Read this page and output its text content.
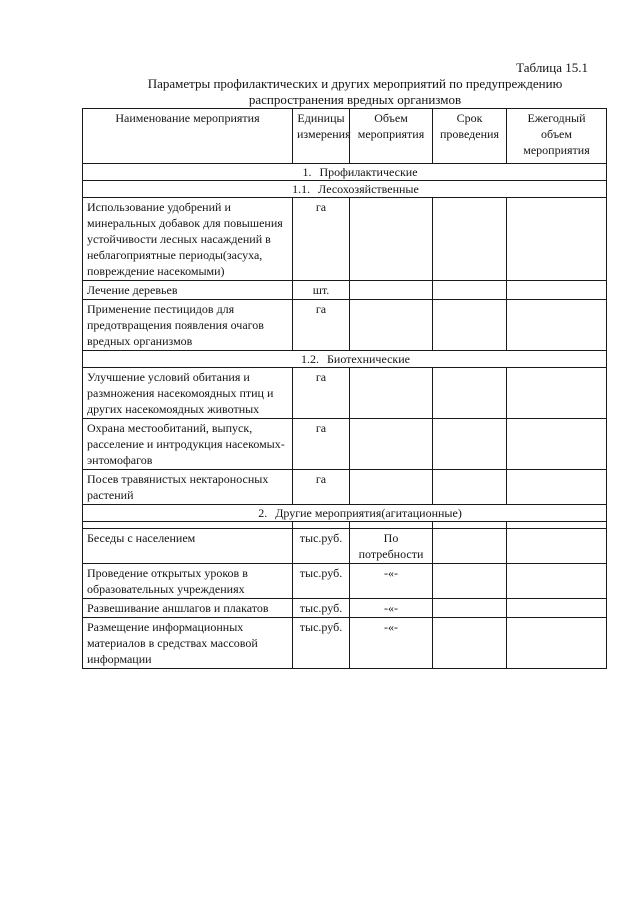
Таблица 15.1
Параметры профилактических и других мероприятий по предупреждению распространения вредных организмов
Наименование мероприятия	Единицы измерения	Объем мероприятия	Срок проведения	Ежегодный объем мероприятия
1. Профилактические				
1.1. Лесохозяйственные				
Использование удобрений и минеральных добавок для повышения устойчивости лесных насаждений в неблагоприятные периоды(засуха, повреждение насекомыми)	га			
Лечение деревьев	шт.			
Применение пестицидов для предотвращения появления очагов вредных организмов	га			
1.2. Биотехнические				
Улучшение условий обитания и размножения насекомоядных птиц и других насекомоядных животных	га			
Охрана местообитаний, выпуск, расселение и интродукция насекомых-энтомофагов	га			
Посев травянистых нектароносных растений	га			
2. Другие мероприятия(агитационные)				

Беседы с населением	тыс.руб.	По потребности		
Проведение открытых уроков в образовательных учреждениях	тыс.руб.	-«-		
Развешивание аншлагов и плакатов	тыс.руб.	-«-		
Размещение информационных материалов в средствах массовой информации	тыс.руб.	-«-		
